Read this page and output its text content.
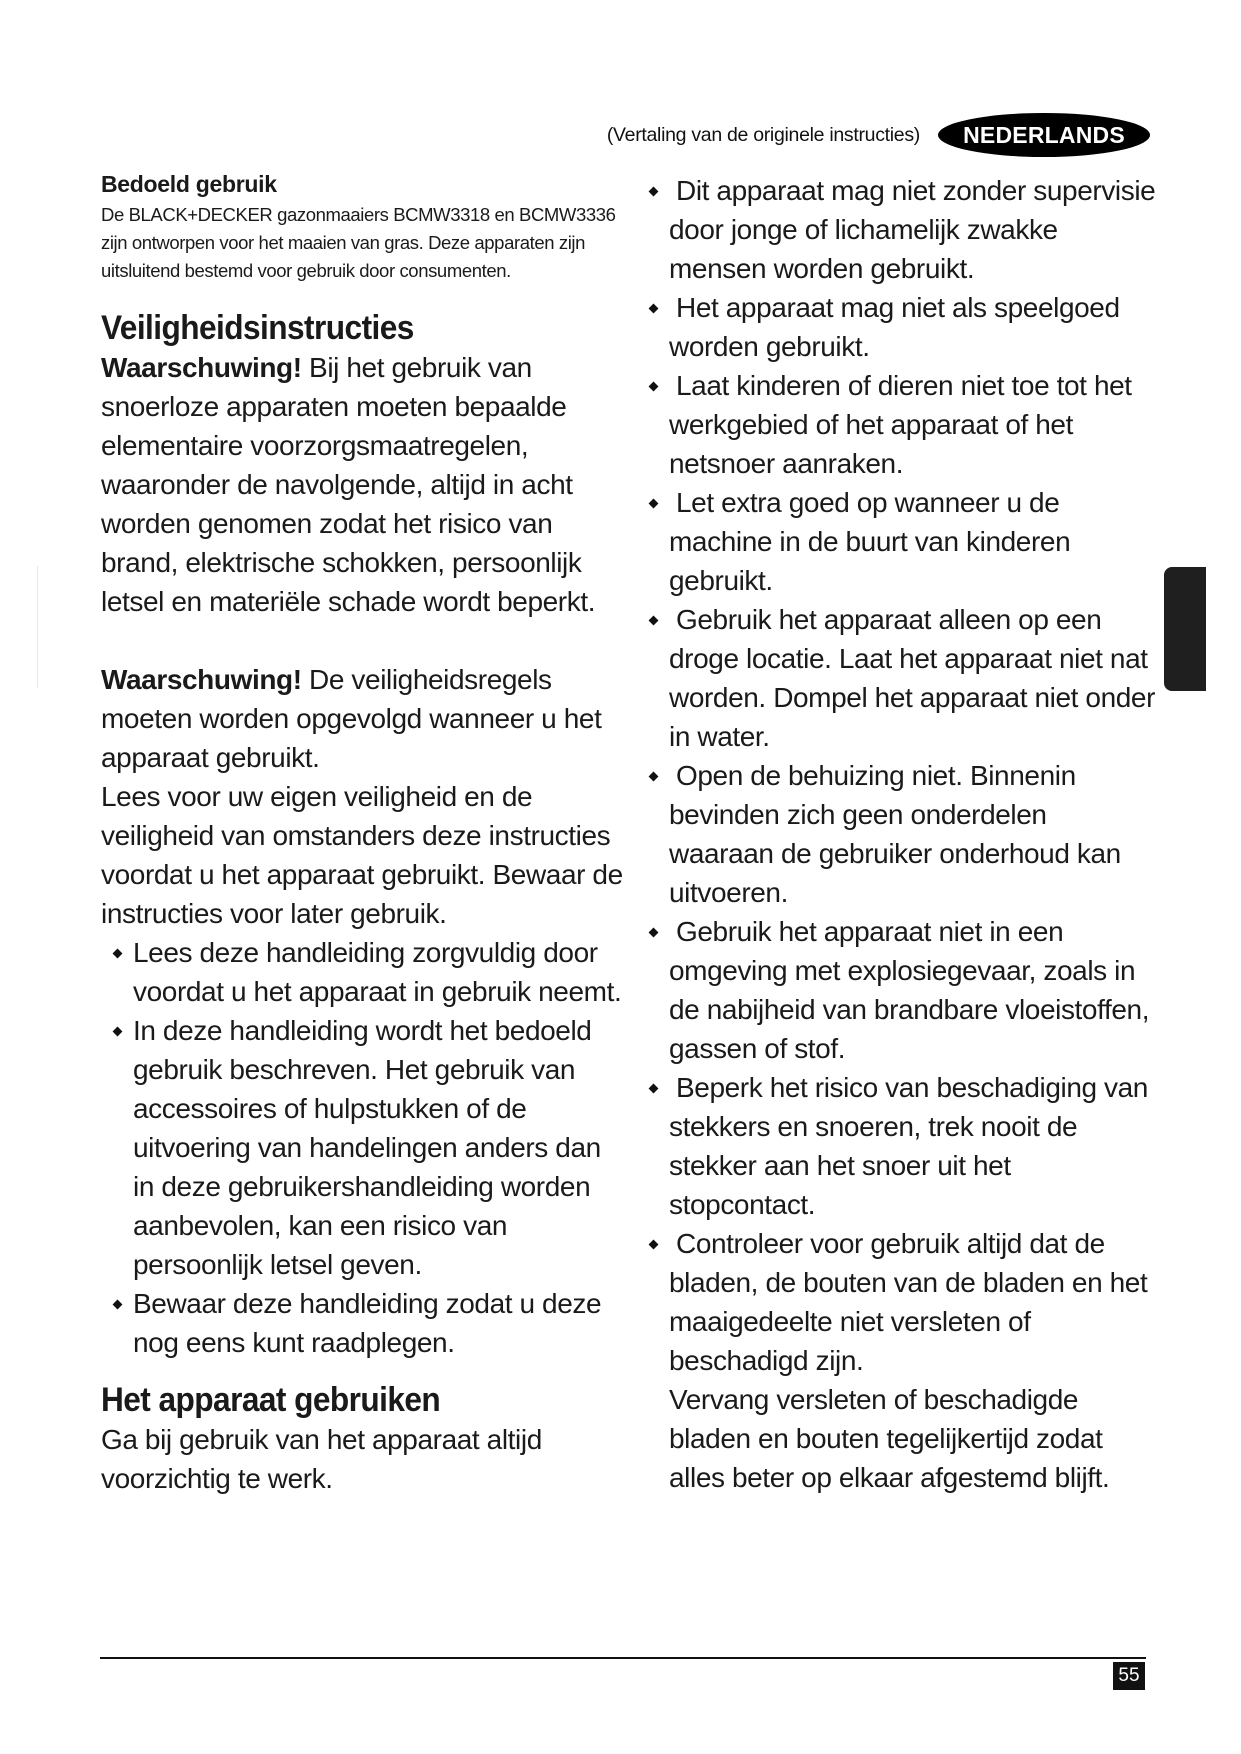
(Vertaling van de originele instructies)	NEDERLANDS
Bedoeld gebruik

De BLACK+DECKER gazonmaaiers BCMW3318 en BCMW3336 zijn ontworpen voor het maaien van gras. Deze apparaten zijn uitsluitend bestemd voor gebruik door consumenten.

Veiligheidsinstructies

Waarschuwing! Bij het gebruik van snoerloze apparaten moeten bepaalde elementaire voorzorgsmaatregelen, waaronder de navolgende, altijd in acht worden genomen zodat het risico van brand, elektrische schokken, persoonlijk letsel en materiële schade wordt beperkt.

Waarschuwing! De veiligheidsregels moeten worden opgevolgd wanneer u het apparaat gebruikt.

Lees voor uw eigen veiligheid en de veiligheid van omstanders deze instructies voordat u het apparaat gebruikt. Bewaar de instructies voor later gebruik.

Lees deze handleiding zorgvuldig door voordat u het apparaat in gebruik neemt.
In deze handleiding wordt het bedoeld gebruik beschreven. Het gebruik van accessoires of hulpstukken of de uitvoering van handelingen anders dan in deze gebruikershandleiding worden aanbevolen, kan een risico van persoonlijk letsel geven.
Bewaar deze handleiding zodat u deze nog eens kunt raadplegen.
Het apparaat gebruiken

Ga bij gebruik van het apparaat altijd voorzichtig te werk.

Dit apparaat mag niet zonder supervisie door jonge of lichamelijk zwakke mensen worden gebruikt.
Het apparaat mag niet als speelgoed worden gebruikt.
Laat kinderen of dieren niet toe tot het werkgebied of het apparaat of het netsnoer aanraken.
Let extra goed op wanneer u de machine in de buurt van kinderen gebruikt.
Gebruik het apparaat alleen op een droge locatie. Laat het apparaat niet nat worden. Dompel het apparaat niet onder in water.
Open de behuizing niet. Binnenin bevinden zich geen onderdelen waaraan de gebruiker onderhoud kan uitvoeren.
Gebruik het apparaat niet in een omgeving met explosiegevaar, zoals in de nabijheid van brandbare vloeistoffen, gassen of stof.
Beperk het risico van beschadiging van stekkers en snoeren, trek nooit de stekker aan het snoer uit het stopcontact.
Controleer voor gebruik altijd dat de bladen, de bouten van de bladen en het maaigedeelte niet versleten of beschadigd zijn.

Vervang versleten of beschadigde bladen en bouten tegelijkertijd zodat alles beter op elkaar afgestemd blijft.

55
